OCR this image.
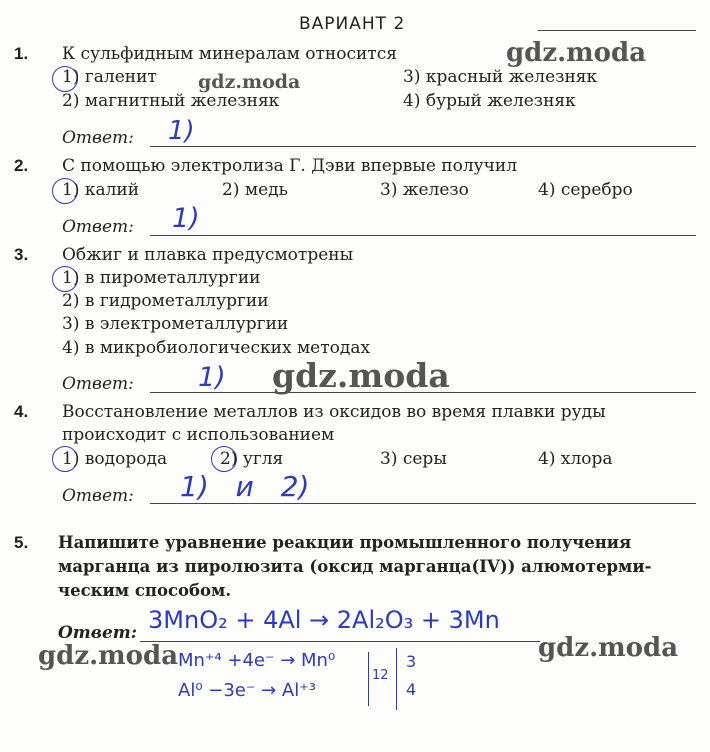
ВАРИАНТ 2
1. К сульфидным минералам относится
1) галенит	3) красный железняк
2) магнитный железняк	4) бурый железняк
Ответ: 1)
2. С помощью электролиза Г. Дэви впервые получил
1) калий	2) медь	3) железо	4) серебро
Ответ: 1)
3. Обжиг и плавка предусмотрены
1) в пирометаллургии
2) в гидрометаллургии
3) в электрометаллургии
4) в микробиологических методах
Ответ: 1)
4. Восстановление металлов из оксидов во время плавки руды
происходит с использованием
1) водорода	2) угля	3) серы	4) хлора
Ответ: 1) и 2)
5. Напишите уравнение реакции промышленного получения
марганца из пиролюзита (оксид марганца(IV)) алюмотерми-
ческим способом.
Ответ: 3MnO₂ + 4Al → 2Al₂O₃ + 3Mn
Mn⁺⁴ +4e⁻ → Mn⁰
Al⁰ −3e⁻ → Al⁺³
12
3
4
gdz.moda
gdz.moda
gdz.moda
gdz.moda
gdz.moda
